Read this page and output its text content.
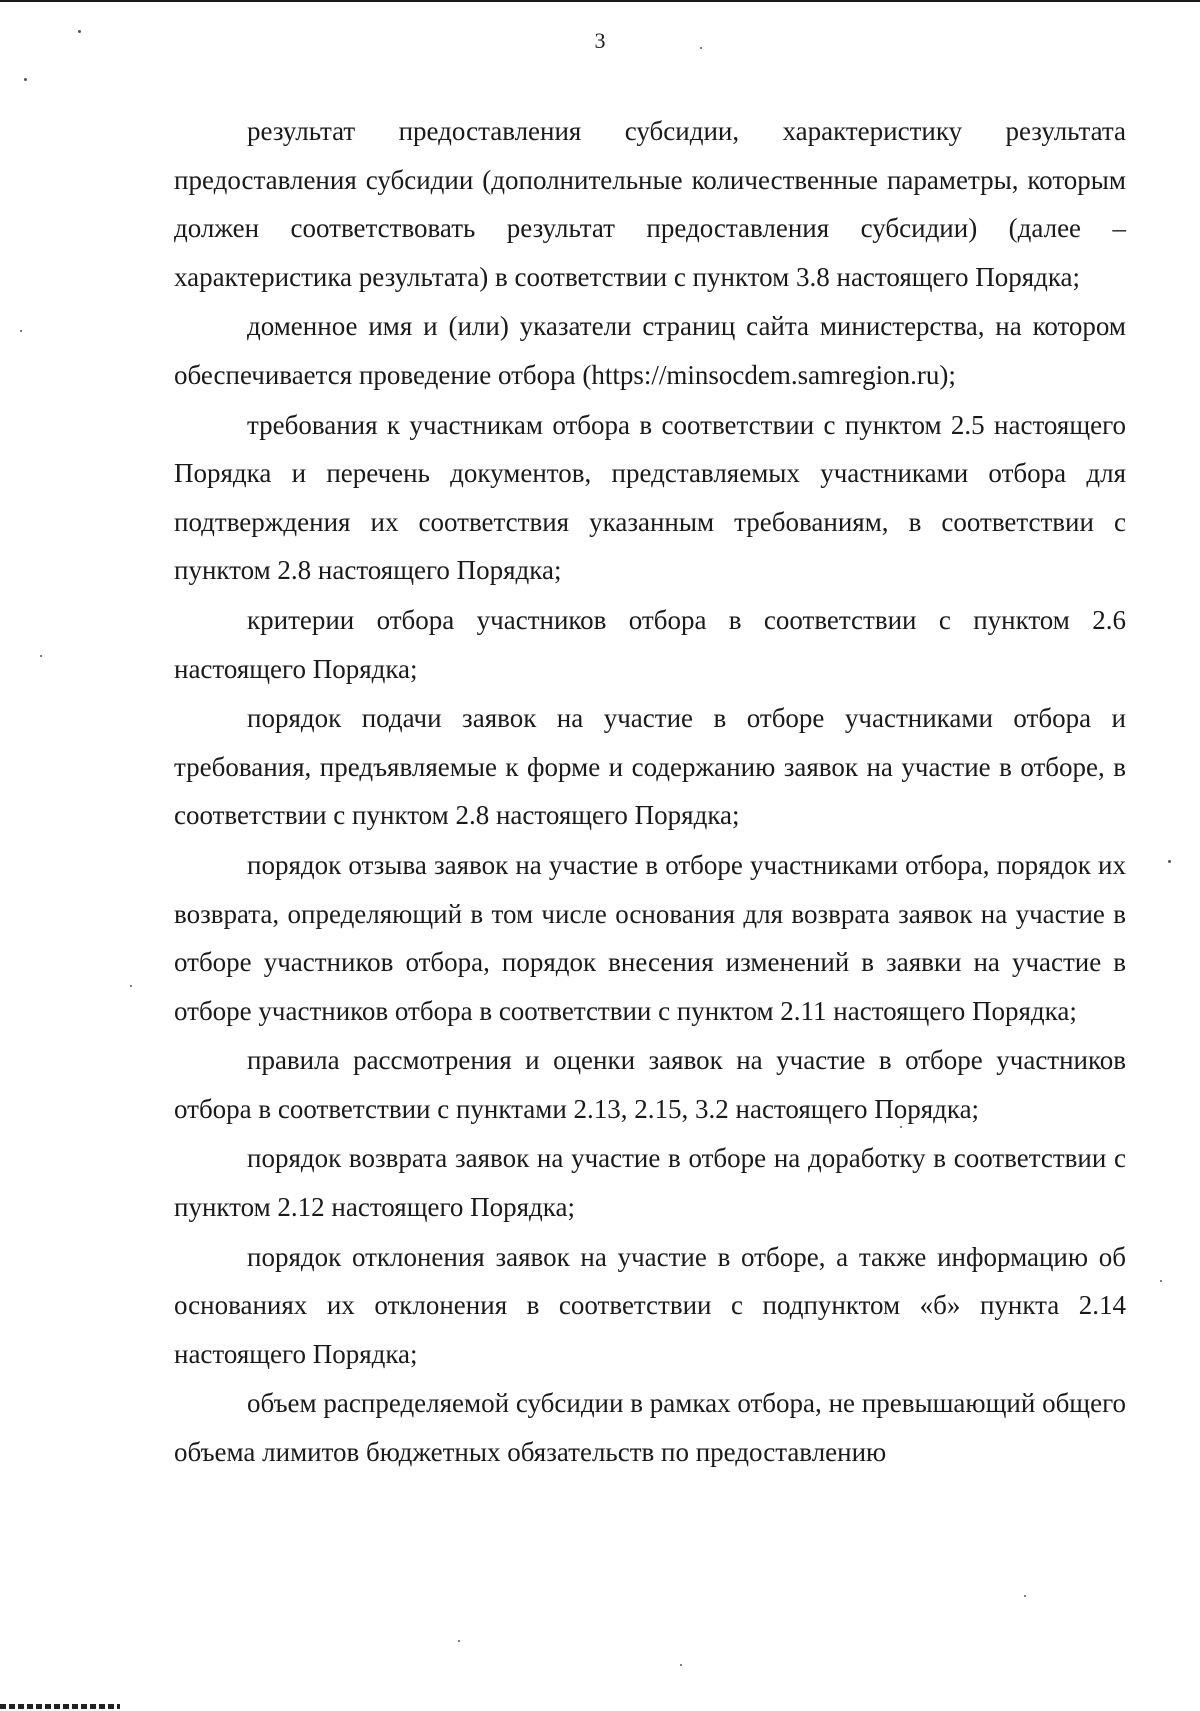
3

результат предоставления субсидии, характеристику результата предоставления субсидии (дополнительные количественные параметры, которым должен соответствовать результат предоставления субсидии) (далее – характеристика результата) в соответствии с пунктом 3.8 настоящего Порядка;

доменное имя и (или) указатели страниц сайта министерства, на котором обеспечивается проведение отбора (https://minsocdem.samregion.ru);

требования к участникам отбора в соответствии с пунктом 2.5 настоящего Порядка и перечень документов, представляемых участниками отбора для подтверждения их соответствия указанным требованиям, в соответствии с пунктом 2.8 настоящего Порядка;

критерии отбора участников отбора в соответствии с пунктом 2.6 настоящего Порядка;

порядок подачи заявок на участие в отборе участниками отбора и требования, предъявляемые к форме и содержанию заявок на участие в отборе, в соответствии с пунктом 2.8 настоящего Порядка;

порядок отзыва заявок на участие в отборе участниками отбора, порядок их возврата, определяющий в том числе основания для возврата заявок на участие в отборе участников отбора, порядок внесения изменений в заявки на участие в отборе участников отбора в соответствии с пунктом 2.11 настоящего Порядка;

правила рассмотрения и оценки заявок на участие в отборе участников отбора в соответствии с пунктами 2.13, 2.15, 3.2 настоящего Порядка;

порядок возврата заявок на участие в отборе на доработку в соответствии с пунктом 2.12 настоящего Порядка;

порядок отклонения заявок на участие в отборе, а также информацию об основаниях их отклонения в соответствии с подпунктом «б» пункта 2.14 настоящего Порядка;

объем распределяемой субсидии в рамках отбора, не превышающий общего объема лимитов бюджетных обязательств по предоставлению
